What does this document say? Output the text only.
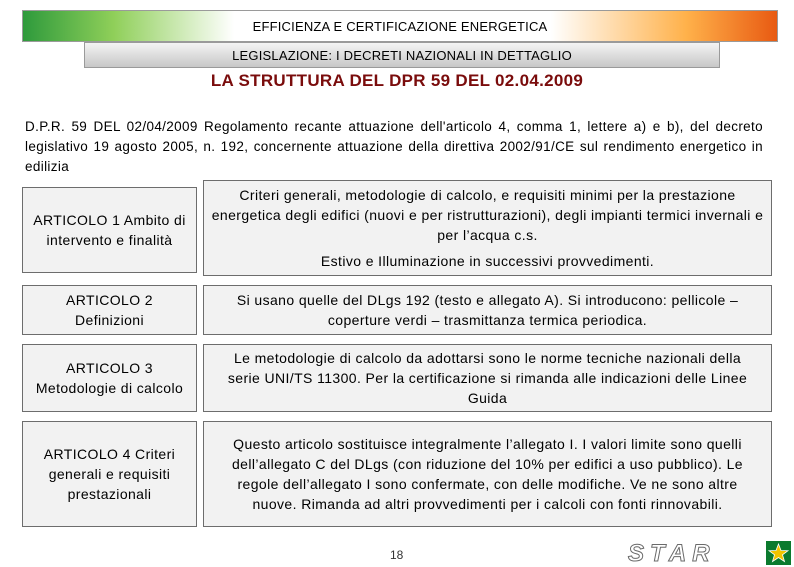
EFFICIENZA E CERTIFICAZIONE ENERGETICA
LEGISLAZIONE: I DECRETI NAZIONALI IN DETTAGLIO
LA STRUTTURA DEL DPR 59 DEL 02.04.2009
D.P.R. 59 DEL 02/04/2009 Regolamento recante attuazione dell'articolo 4, comma 1, lettere a) e b), del decreto legislativo 19 agosto 2005, n. 192, concernente attuazione della direttiva 2002/91/CE sul rendimento energetico in edilizia
ARTICOLO 1 Ambito di intervento e finalità
Criteri generali, metodologie di calcolo, e requisiti minimi per la prestazione energetica degli edifici (nuovi e per ristrutturazioni), degli impianti termici invernali e per l’acqua c.s.
Estivo e Illuminazione in successivi provvedimenti.
ARTICOLO 2 Definizioni
Si usano quelle del DLgs 192 (testo e allegato A). Si introducono: pellicole – coperture verdi – trasmittanza termica periodica.
ARTICOLO 3 Metodologie di calcolo
Le metodologie di calcolo da adottarsi sono le norme tecniche nazionali della serie UNI/TS 11300. Per la certificazione si rimanda alle indicazioni delle Linee Guida
ARTICOLO 4 Criteri generali e requisiti prestazionali
Questo articolo sostituisce integralmente l’allegato I. I valori limite sono quelli dell’allegato C del DLgs (con riduzione del 10% per edifici a uso pubblico). Le regole dell’allegato I sono confermate, con delle modifiche. Ve ne sono altre nuove. Rimanda ad altri provvedimenti per i calcoli con fonti rinnovabili.
18	STAR
